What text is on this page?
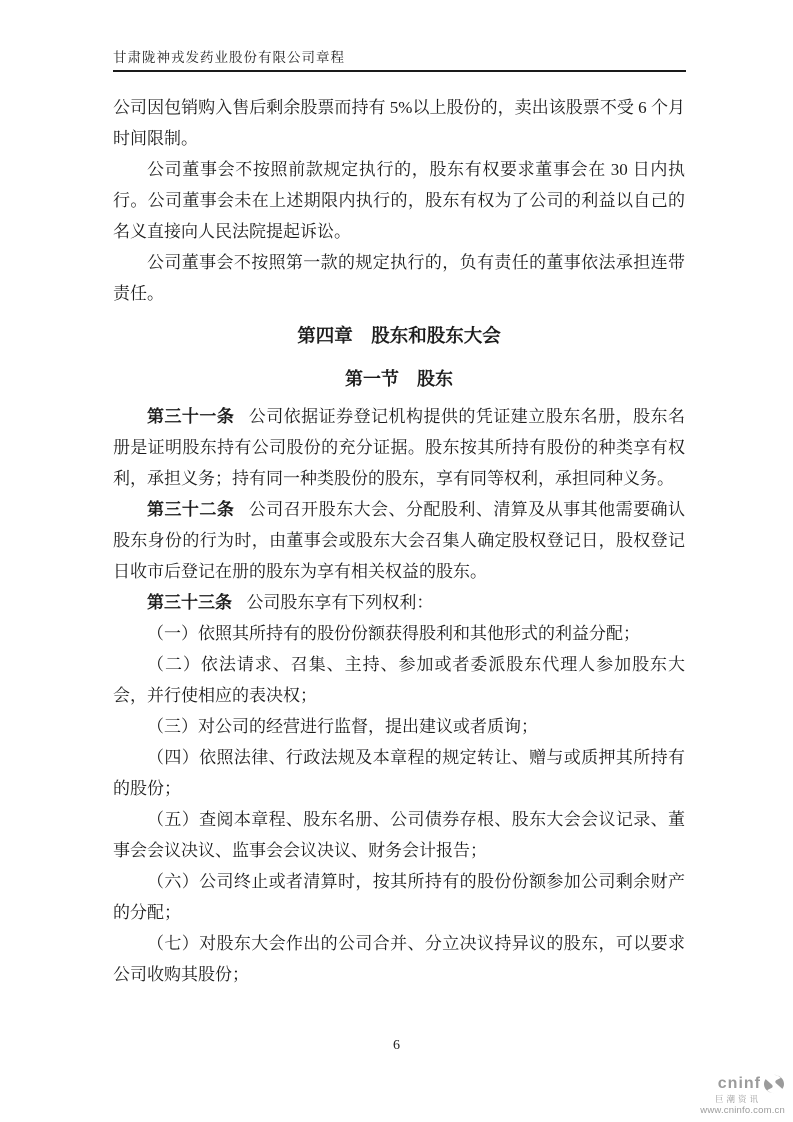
甘肃陇神戎发药业股份有限公司章程

公司因包销购入售后剩余股票而持有 5%以上股份的，卖出该股票不受 6 个月时间限制。

公司董事会不按照前款规定执行的，股东有权要求董事会在 30 日内执行。公司董事会未在上述期限内执行的，股东有权为了公司的利益以自己的名义直接向人民法院提起诉讼。

公司董事会不按照第一款的规定执行的，负有责任的董事依法承担连带责任。

第四章　股东和股东大会

第一节　股东

第三十一条 公司依据证券登记机构提供的凭证建立股东名册，股东名册是证明股东持有公司股份的充分证据。股东按其所持有股份的种类享有权利，承担义务；持有同一种类股份的股东，享有同等权利，承担同种义务。

第三十二条 公司召开股东大会、分配股利、清算及从事其他需要确认股东身份的行为时，由董事会或股东大会召集人确定股权登记日，股权登记日收市后登记在册的股东为享有相关权益的股东。

第三十三条 公司股东享有下列权利：

（一）依照其所持有的股份份额获得股利和其他形式的利益分配；

（二）依法请求、召集、主持、参加或者委派股东代理人参加股东大会，并行使相应的表决权；

（三）对公司的经营进行监督，提出建议或者质询；

（四）依照法律、行政法规及本章程的规定转让、赠与或质押其所持有的股份；

（五）查阅本章程、股东名册、公司债券存根、股东大会会议记录、董事会会议决议、监事会会议决议、财务会计报告；

（六）公司终止或者清算时，按其所持有的股份份额参加公司剩余财产的分配；

（七）对股东大会作出的公司合并、分立决议持异议的股东，可以要求公司收购其股份；

6
cninf
巨潮资讯
www.cninfo.com.cn
